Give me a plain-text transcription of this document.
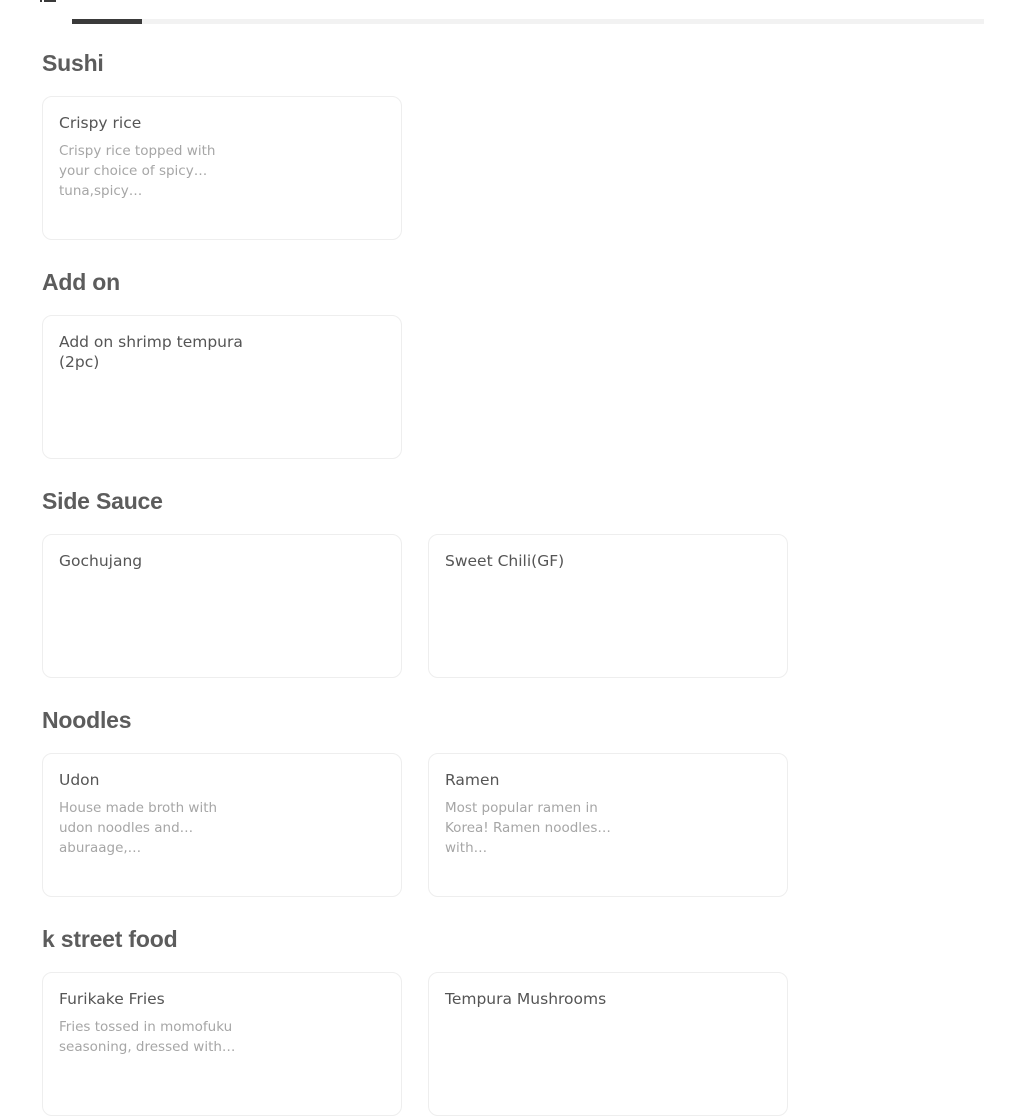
Sushi
Crispy rice
Crispy rice topped with your choice of spicy tuna,spicy…
Add on
Add on shrimp tempura (2pc)
Side Sauce
Gochujang	Sweet Chili(GF)
Noodles
Udon
House made broth with udon noodles and aburaage,…
Ramen
Most popular ramen in Korea! Ramen noodles with…
k street food
Furikake Fries
Fries tossed in momofuku seasoning, dressed with…
Tempura Mushrooms
